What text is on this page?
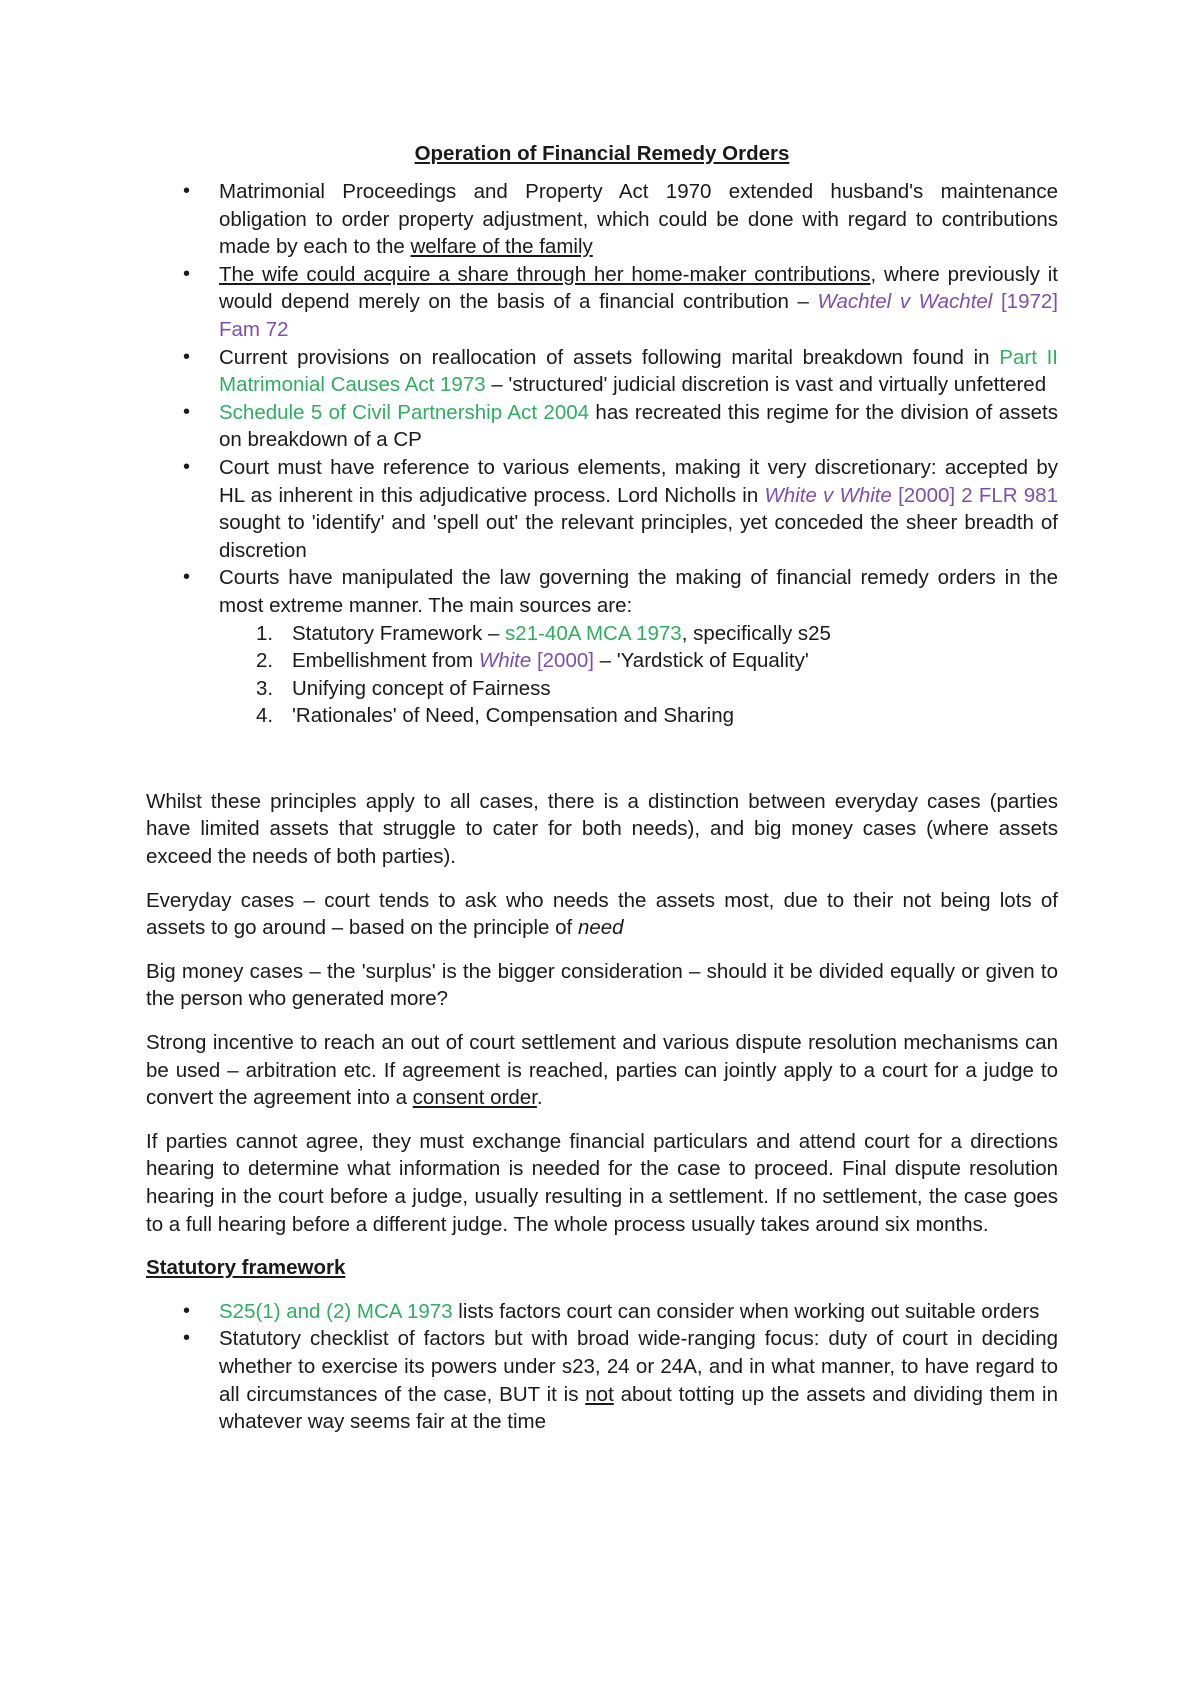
Operation of Financial Remedy Orders
• Matrimonial Proceedings and Property Act 1970 extended husband's maintenance obligation to order property adjustment, which could be done with regard to contributions made by each to the welfare of the family
• The wife could acquire a share through her home-maker contributions, where previously it would depend merely on the basis of a financial contribution – Wachtel v Wachtel [1972] Fam 72
• Current provisions on reallocation of assets following marital breakdown found in Part II Matrimonial Causes Act 1973 – 'structured' judicial discretion is vast and virtually unfettered
• Schedule 5 of Civil Partnership Act 2004 has recreated this regime for the division of assets on breakdown of a CP
• Court must have reference to various elements, making it very discretionary: accepted by HL as inherent in this adjudicative process. Lord Nicholls in White v White [2000] 2 FLR 981 sought to 'identify' and 'spell out' the relevant principles, yet conceded the sheer breadth of discretion
• Courts have manipulated the law governing the making of financial remedy orders in the most extreme manner. The main sources are:
1. Statutory Framework – s21-40A MCA 1973, specifically s25
2. Embellishment from White [2000] – 'Yardstick of Equality'
3. Unifying concept of Fairness
4. 'Rationales' of Need, Compensation and Sharing

Whilst these principles apply to all cases, there is a distinction between everyday cases (parties have limited assets that struggle to cater for both needs), and big money cases (where assets exceed the needs of both parties).

Everyday cases – court tends to ask who needs the assets most, due to their not being lots of assets to go around – based on the principle of need

Big money cases – the 'surplus' is the bigger consideration – should it be divided equally or given to the person who generated more?

Strong incentive to reach an out of court settlement and various dispute resolution mechanisms can be used – arbitration etc. If agreement is reached, parties can jointly apply to a court for a judge to convert the agreement into a consent order.

If parties cannot agree, they must exchange financial particulars and attend court for a directions hearing to determine what information is needed for the case to proceed. Final dispute resolution hearing in the court before a judge, usually resulting in a settlement. If no settlement, the case goes to a full hearing before a different judge. The whole process usually takes around six months.

Statutory framework
• S25(1) and (2) MCA 1973 lists factors court can consider when working out suitable orders
• Statutory checklist of factors but with broad wide-ranging focus: duty of court in deciding whether to exercise its powers under s23, 24 or 24A, and in what manner, to have regard to all circumstances of the case, BUT it is not about totting up the assets and dividing them in whatever way seems fair at the time
